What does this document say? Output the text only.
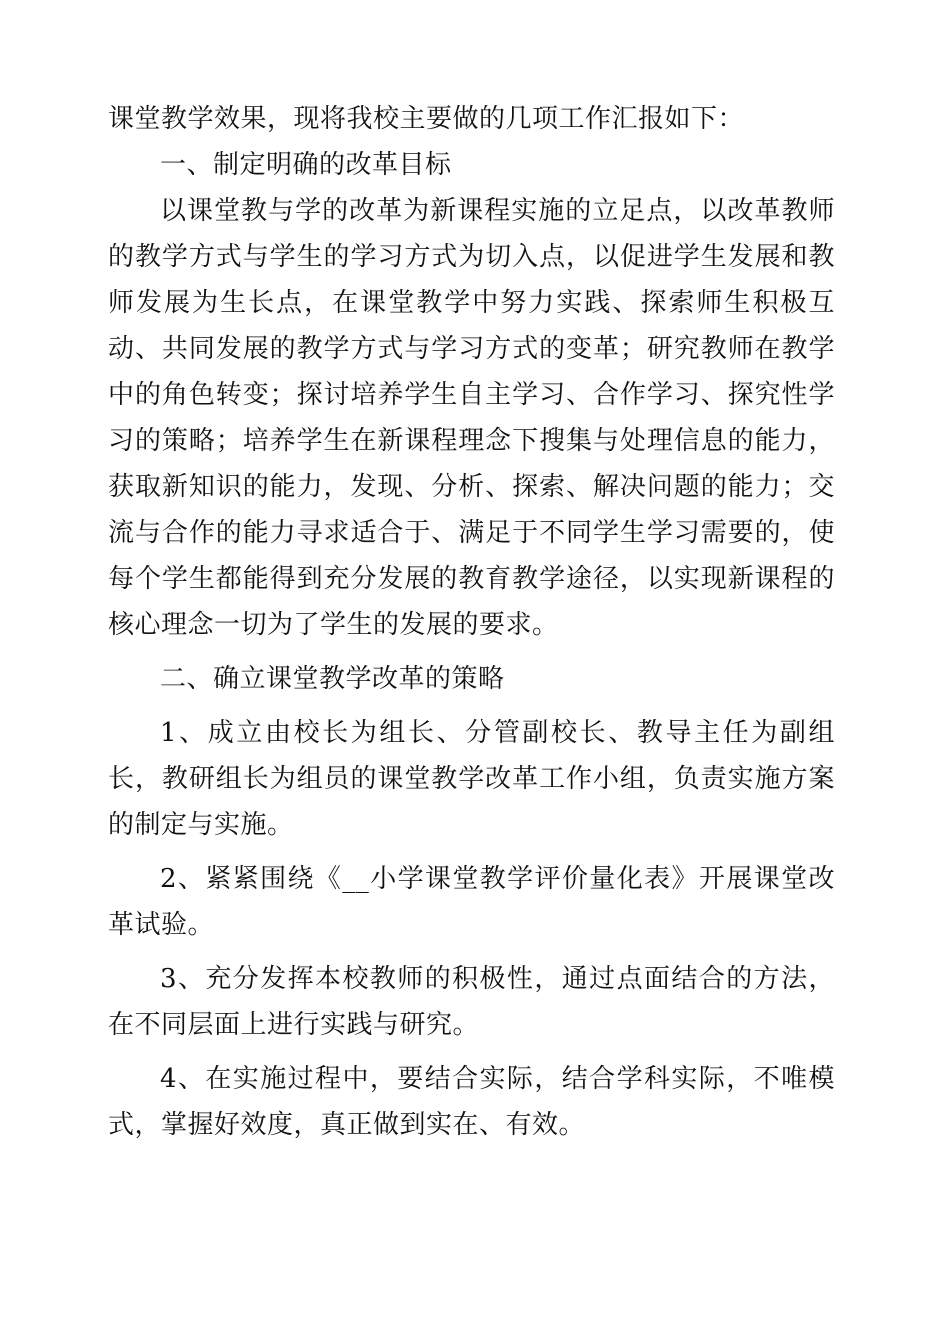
课堂教学效果，现将我校主要做的几项工作汇报如下：

一、制定明确的改革目标

以课堂教与学的改革为新课程实施的立足点，以改革教师的教学方式与学生的学习方式为切入点，以促进学生发展和教师发展为生长点，在课堂教学中努力实践、探索师生积极互动、共同发展的教学方式与学习方式的变革；研究教师在教学中的角色转变；探讨培养学生自主学习、合作学习、探究性学习的策略；培养学生在新课程理念下搜集与处理信息的能力，获取新知识的能力，发现、分析、探索、解决问题的能力；交流与合作的能力寻求适合于、满足于不同学生学习需要的，使每个学生都能得到充分发展的教育教学途径，以实现新课程的核心理念一切为了学生的发展的要求。

二、确立课堂教学改革的策略

1、成立由校长为组长、分管副校长、教导主任为副组长，教研组长为组员的课堂教学改革工作小组，负责实施方案的制定与实施。

2、紧紧围绕《__小学课堂教学评价量化表》开展课堂改革试验。

3、充分发挥本校教师的积极性，通过点面结合的方法，在不同层面上进行实践与研究。

4、在实施过程中，要结合实际，结合学科实际，不唯模式，掌握好效度，真正做到实在、有效。
